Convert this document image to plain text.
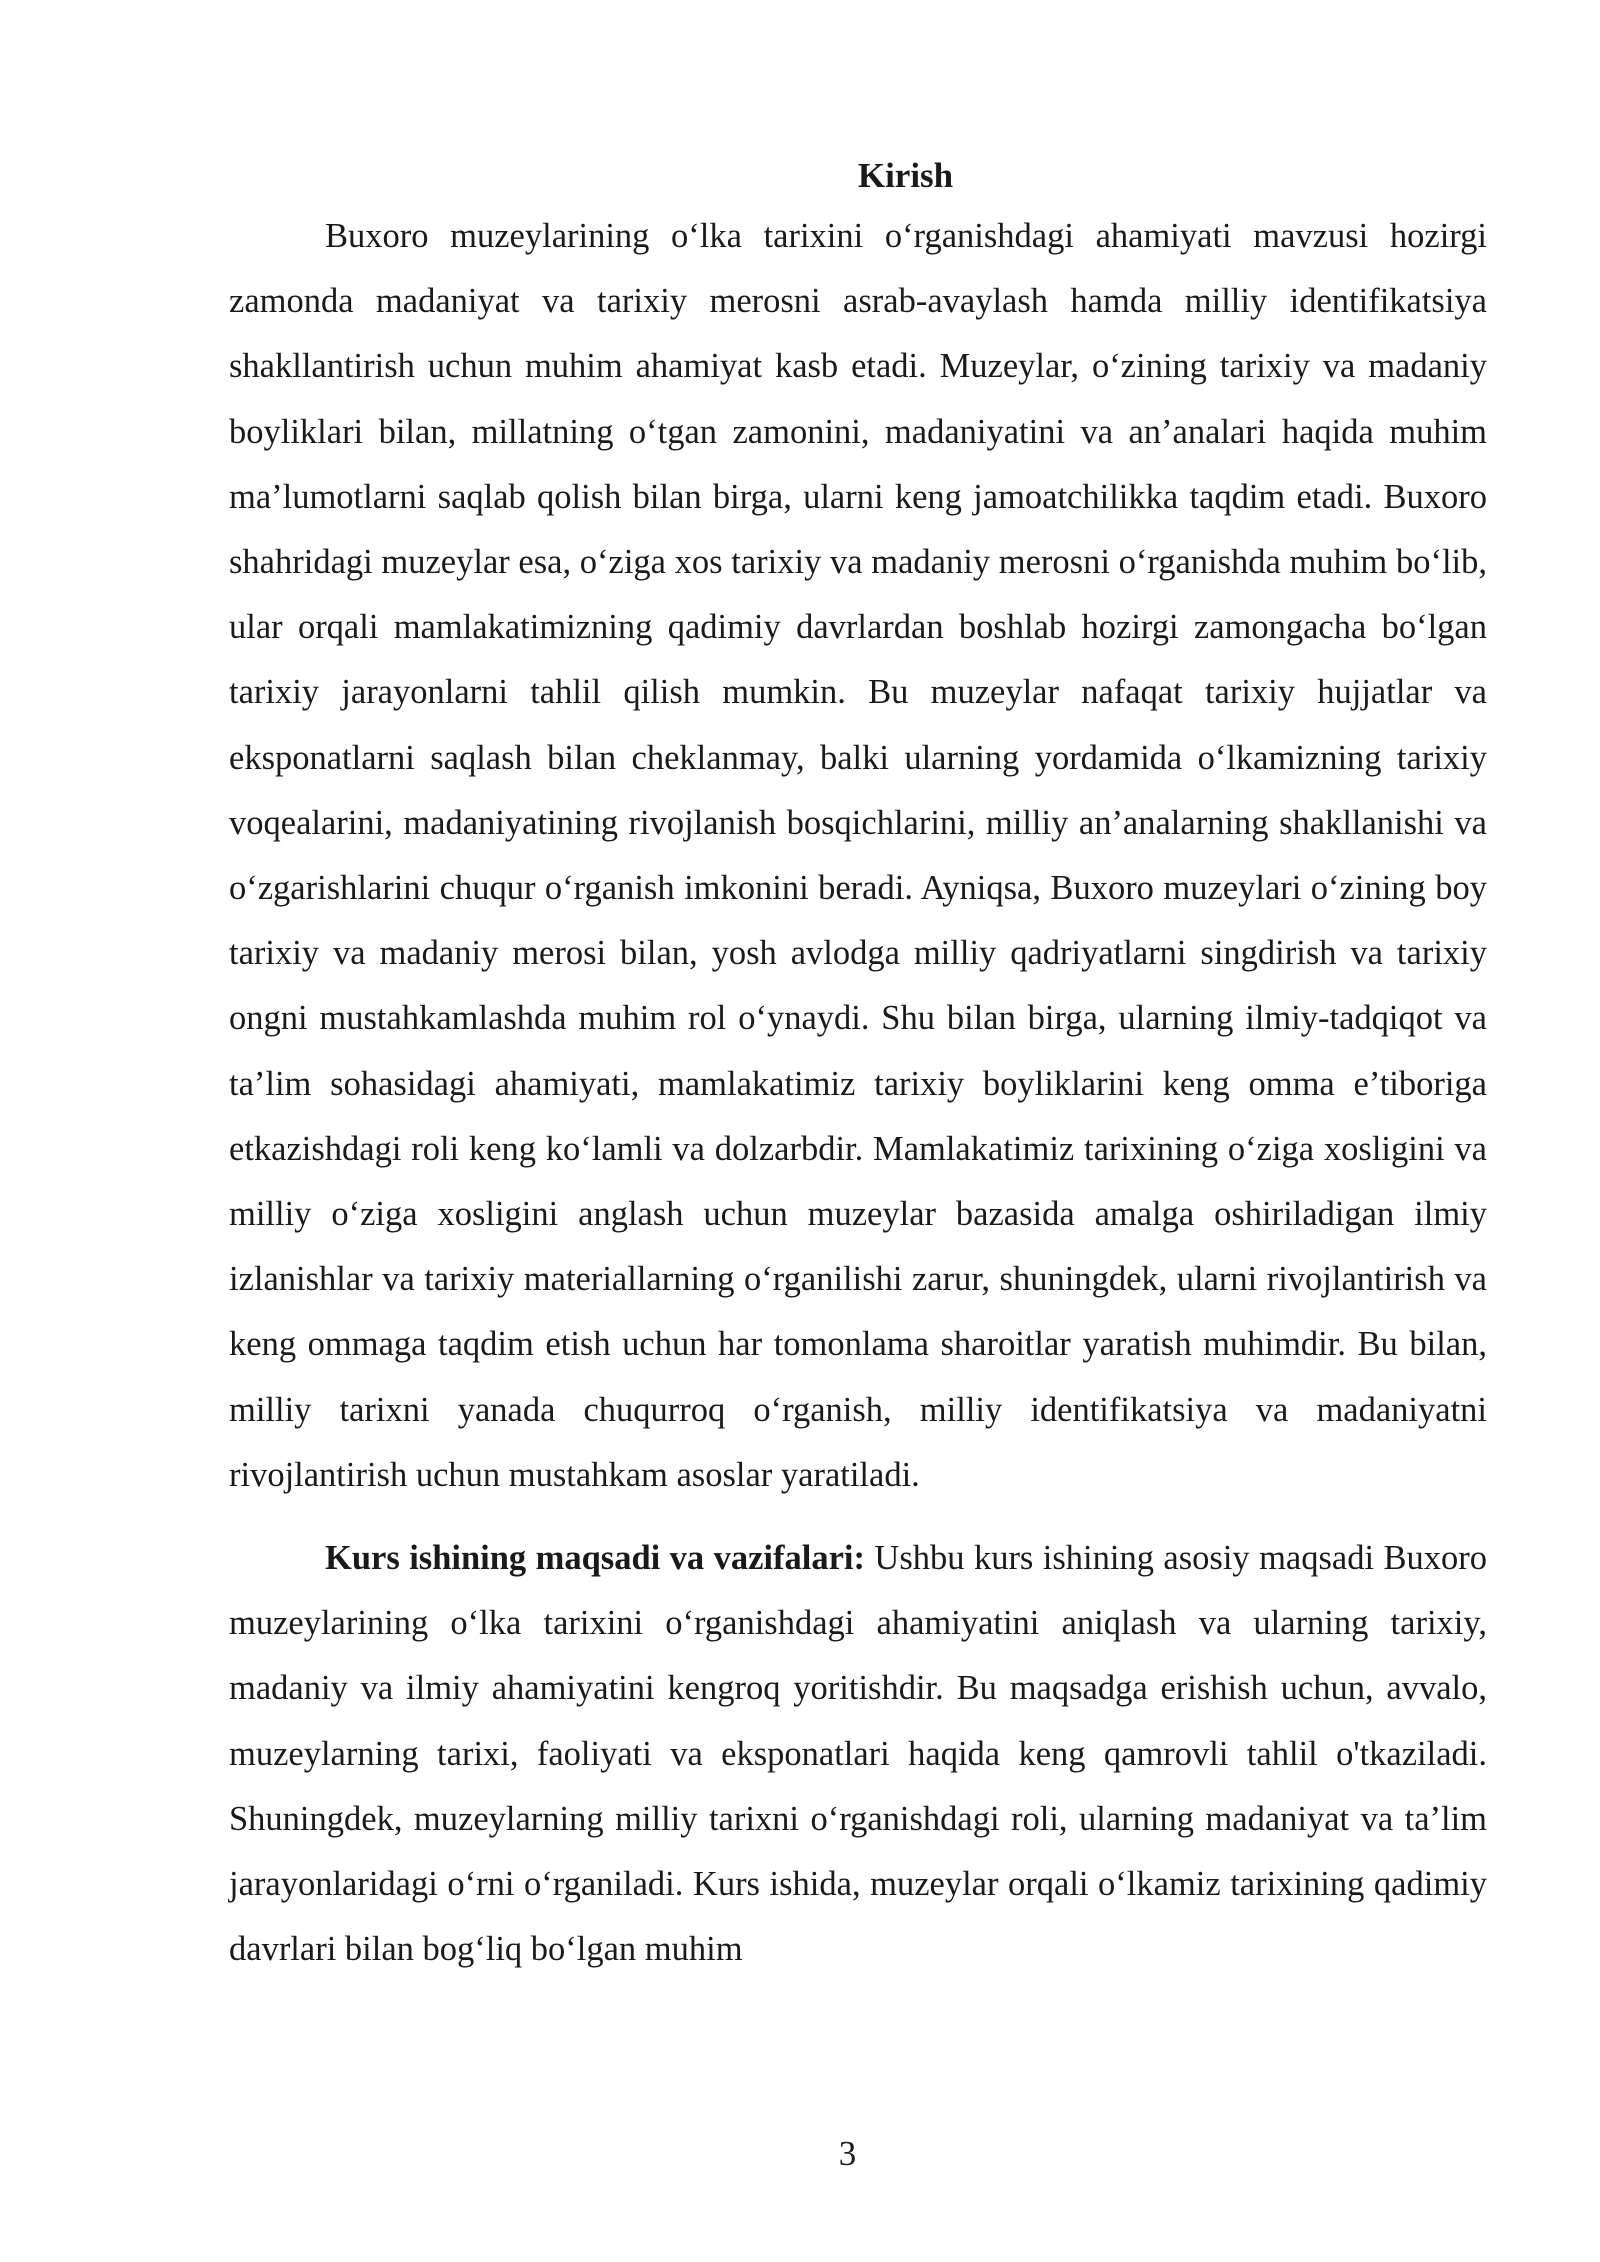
Kirish

Buxoro muzeylarining o‘lka tarixini o‘rganishdagi ahamiyati mavzusi hozirgi zamonda madaniyat va tarixiy merosni asrab-avaylash hamda milliy identifikatsiya shakllantirish uchun muhim ahamiyat kasb etadi. Muzeylar, o‘zining tarixiy va madaniy boyliklari bilan, millatning o‘tgan zamonini, madaniyatini va an’analari haqida muhim ma’lumotlarni saqlab qolish bilan birga, ularni keng jamoatchilikka taqdim etadi. Buxoro shahridagi muzeylar esa, o‘ziga xos tarixiy va madaniy merosni o‘rganishda muhim bo‘lib, ular orqali mamlakatimizning qadimiy davrlardan boshlab hozirgi zamongacha bo‘lgan tarixiy jarayonlarni tahlil qilish mumkin. Bu muzeylar nafaqat tarixiy hujjatlar va eksponatlarni saqlash bilan cheklanmay, balki ularning yordamida o‘lkamizning tarixiy voqealarini, madaniyatining rivojlanish bosqichlarini, milliy an’analarning shakllanishi va o‘zgarishlarini chuqur o‘rganish imkonini beradi. Ayniqsa, Buxoro muzeylari o‘zining boy tarixiy va madaniy merosi bilan, yosh avlodga milliy qadriyatlarni singdirish va tarixiy ongni mustahkamlashda muhim rol o‘ynaydi. Shu bilan birga, ularning ilmiy-tadqiqot va ta’lim sohasidagi ahamiyati, mamlakatimiz tarixiy boyliklarini keng omma e’tiboriga etkazishdagi roli keng ko‘lamli va dolzarbdir. Mamlakatimiz tarixining o‘ziga xosligini va milliy o‘ziga xosligini anglash uchun muzeylar bazasida amalga oshiriladigan ilmiy izlanishlar va tarixiy materiallarning o‘rganilishi zarur, shuningdek, ularni rivojlantirish va keng ommaga taqdim etish uchun har tomonlama sharoitlar yaratish muhimdir. Bu bilan, milliy tarixni yanada chuqurroq o‘rganish, milliy identifikatsiya va madaniyatni rivojlantirish uchun mustahkam asoslar yaratiladi.

Kurs ishining maqsadi va vazifalari: Ushbu kurs ishining asosiy maqsadi Buxoro muzeylarining o‘lka tarixini o‘rganishdagi ahamiyatini aniqlash va ularning tarixiy, madaniy va ilmiy ahamiyatini kengroq yoritishdir. Bu maqsadga erishish uchun, avvalo, muzeylarning tarixi, faoliyati va eksponatlari haqida keng qamrovli tahlil o'tkaziladi. Shuningdek, muzeylarning milliy tarixni o‘rganishdagi roli, ularning madaniyat va ta’lim jarayonlaridagi o‘rni o‘rganiladi. Kurs ishida, muzeylar orqali o‘lkamiz tarixining qadimiy davrlari bilan bog‘liq bo‘lgan muhim

3
